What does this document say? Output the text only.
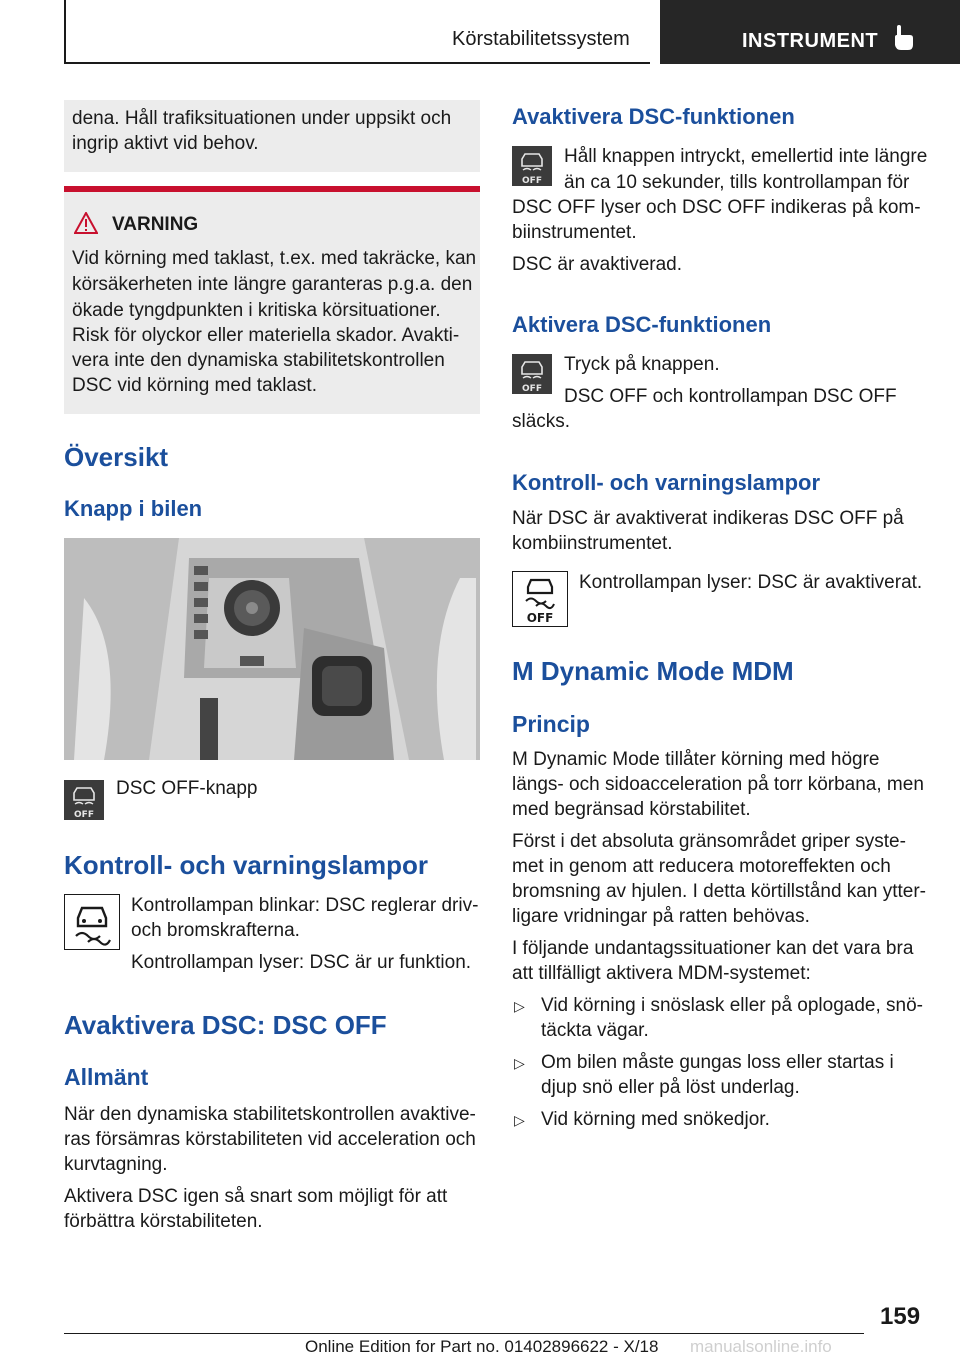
Körstabilitetssystem	INSTRUMENT

dena. Håll trafiksituationen under uppsikt och

ingrip aktivt vid behov.

VARNING

Vid körning med taklast, t.ex. med takräcke, kan

körsäkerheten inte längre garanteras p.g.a. den

ökade tyngdpunkten i kritiska körsituationer.

Risk för olyckor eller materiella skador. Avakti-

vera inte den dynamiska stabilitetskontrollen

DSC vid körning med taklast.

Översikt
Knapp i bilen
OFF

DSC OFF-knapp

Kontroll- och varningslampor

Kontrollampan blinkar: DSC reglerar driv-

och bromskrafterna.

Kontrollampan lyser: DSC är ur funktion.

Avaktivera DSC: DSC OFF
Allmänt

När den dynamiska stabilitetskontrollen avaktive-

ras försämras körstabiliteten vid acceleration och

kurvtagning.

Aktivera DSC igen så snart som möjligt för att

förbättra körstabiliteten.

Avaktivera DSC-funktionen
OFF

Håll knappen intryckt, emellertid inte längre

än ca 10 sekunder, tills kontrollampan för

DSC OFF lyser och DSC OFF indikeras på kom-

biinstrumentet.

DSC är avaktiverad.

Aktivera DSC-funktionen
OFF

Tryck på knappen.

DSC OFF och kontrollampan DSC OFF

släcks.

Kontroll- och varningslampor

När DSC är avaktiverat indikeras DSC OFF på

kombiinstrumentet.

OFF

Kontrollampan lyser: DSC är avaktiverat.

M Dynamic Mode MDM
Princip

M Dynamic Mode tillåter körning med högre

längs- och sidoacceleration på torr körbana, men

med begränsad körstabilitet.

Först i det absoluta gränsområdet griper syste-

met in genom att reducera motoreffekten och

bromsning av hjulen. I detta körtillstånd kan ytter-

ligare vridningar på ratten behövas.

I följande undantagssituationer kan det vara bra

att tillfälligt aktivera MDM-systemet:

▷ Vid körning i snöslask eller på oplogade, snö-

täckta vägar.

▷ Om bilen måste gungas loss eller startas i

djup snö eller på löst underlag.

▷ Vid körning med snökedjor.

159
Online Edition for Part no. 01402896622 - X/18 manualsonline.info
